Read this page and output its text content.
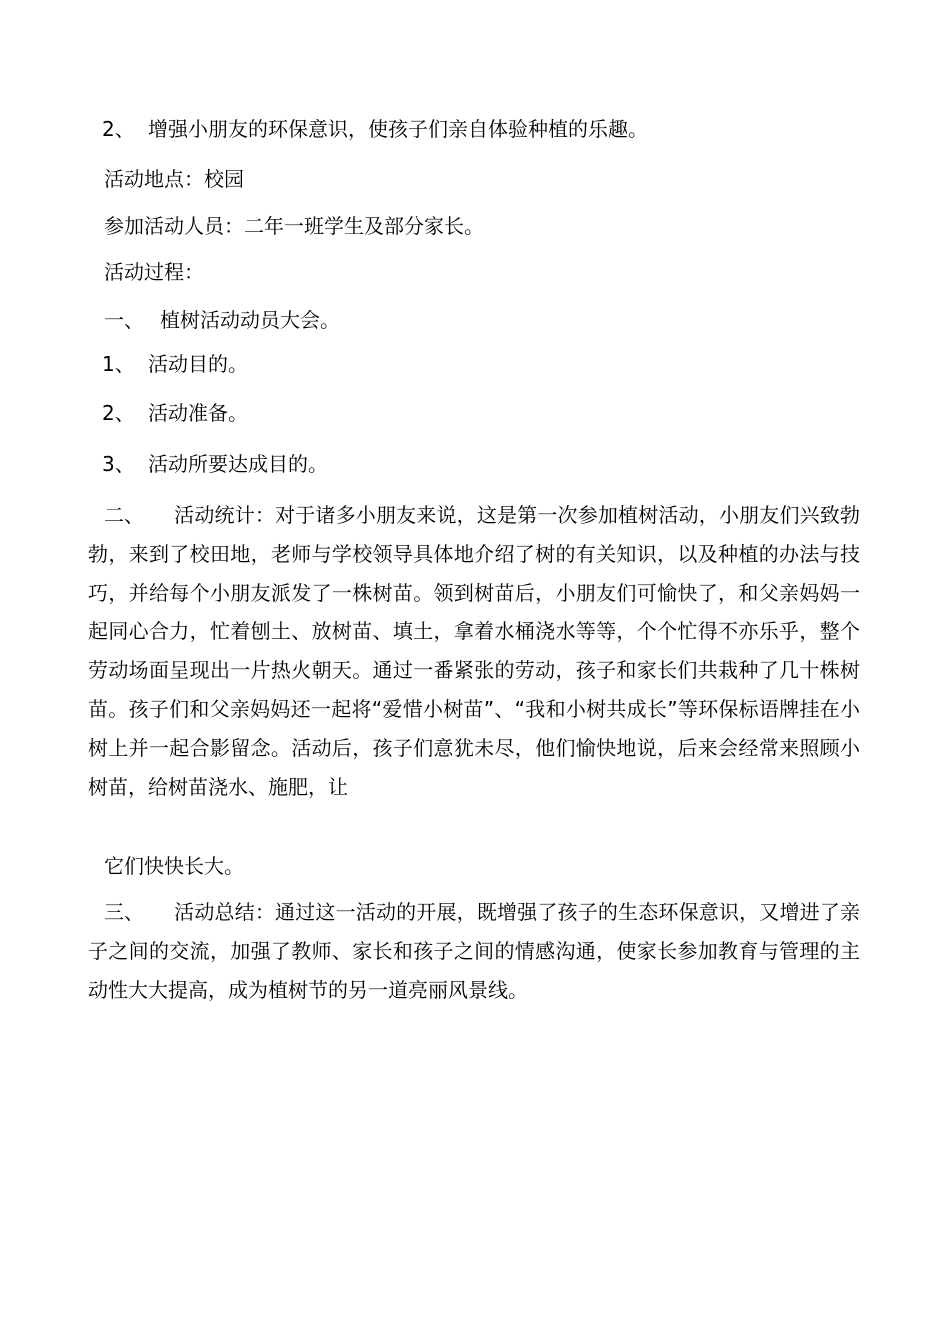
2、 增强小朋友的环保意识，使孩子们亲自体验种植的乐趣。
活动地点：校园
参加活动人员：二年一班学生及部分家长。
活动过程：
一、 植树活动动员大会。
1、 活动目的。
2、 活动准备。
3、 活动所要达成目的。
二、 活动统计：对于诸多小朋友来说，这是第一次参加植树活动，小朋友们兴致勃勃，来到了校田地，老师与学校领导具体地介绍了树的有关知识，以及种植的办法与技巧，并给每个小朋友派发了一株树苗。领到树苗后，小朋友们可愉快了，和父亲妈妈一起同心合力，忙着刨土、放树苗、填土，拿着水桶浇水等等，个个忙得不亦乐乎，整个劳动场面呈现出一片热火朝天。通过一番紧张的劳动，孩子和家长们共栽种了几十株树苗。孩子们和父亲妈妈还一起将“爱惜小树苗”、“我和小树共成长”等环保标语牌挂在小树上并一起合影留念。活动后，孩子们意犹未尽，他们愉快地说，后来会经常来照顾小树苗，给树苗浇水、施肥，让
它们快快长大。
三、 活动总结：通过这一活动的开展，既增强了孩子的生态环保意识，又增进了亲子之间的交流，加强了教师、家长和孩子之间的情感沟通，使家长参加教育与管理的主动性大大提高，成为植树节的另一道亮丽风景线。
